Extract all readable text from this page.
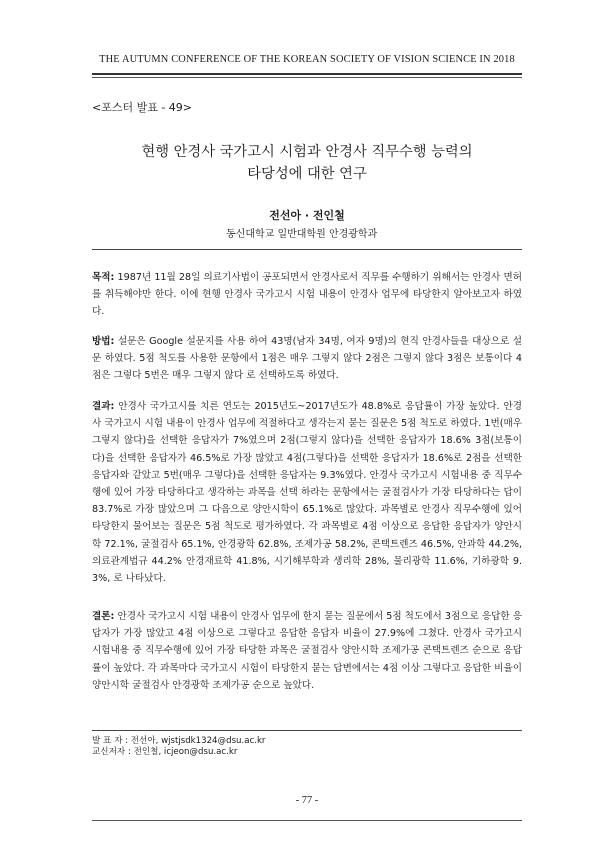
THE AUTUMN CONFERENCE OF THE KOREAN SOCIETY OF VISION SCIENCE IN 2018
<포스터 발표 - 49>
현행 안경사 국가고시 시험과 안경사 직무수행 능력의
타당성에 대한 연구
전선아 · 전인철
동신대학교 일반대학원 안경광학과
목적: 1987년 11월 28일 의료기사법이 공포되면서 안경사로서 직무를 수행하기 위해서는 안경사 면허를 취득해야만 한다. 이에 현행 안경사 국가고시 시험 내용이 안경사 업무에 타당한지 알아보고자 하였다.
방법: 설문은 Google 설문지를 사용 하여 43명(남자 34명, 여자 9명)의 현직 안경사들을 대상으로 설문 하였다. 5점 척도를 사용한 문항에서 1점은 매우 그렇지 않다 2점은 그렇지 않다 3점은 보통이다 4점은 그렇다 5번은 매우 그렇지 않다 로 선택하도록 하였다.
결과: 안경사 국가고시를 치른 연도는 2015년도~2017년도가 48.8%로 응답률이 가장 높았다. 안경사 국가고시 시험 내용이 안경사 업무에 적절하다고 생각는지 묻는 질문은 5점 척도로 하였다. 1번(매우 그렇지 않다)을 선택한 응답자가 7%였으며 2점(그렇지 않다)을 선택한 응답자가 18.6% 3점(보통이다)을 선택한 응답자가 46.5%로 가장 많았고 4점(그렇다)을 선택한 응답자가 18.6%로 2점을 선택한 응답자와 같았고 5번(매우 그렇다)을 선택한 응답자는 9.3%였다. 안경사 국가고시 시험내용 중 직무수행에 있어 가장 타당하다고 생각하는 과목을 선택 하라는 문항에서는 굴절검사가 가장 타당하다는 답이 83.7%로 가장 많았으며 그 다음으로 양안시학이 65.1%로 많았다. 과목별로 안경사 직무수행에 있어 타당한지 물어보는 질문은 5점 척도로 평가하였다. 각 과목별로 4점 이상으로 응답한 응답자가 양안시학 72.1%, 굴절검사 65.1%, 안경광학 62.8%, 조제가공 58.2%, 콘택트렌즈 46.5%, 안과학 44.2%, 의료관계법규 44.2% 안경재료학 41.8%, 시기해부학과 생리학 28%, 물리광학 11.6%, 기하광학 9.3%, 로 나타났다.
결론: 안경사 국가고시 시험 내용이 안경사 업무에 한지 묻는 질문에서 5점 척도에서 3점으로 응답한 응답자가 가장 많았고 4점 이상으로 그렇다고 응답한 응답자 비율이 27.9%에 그쳤다. 안경사 국가고시 시험내용 중 직무수행에 있어 가장 타당한 과목은 굴절검사 양안시학 조제가공 콘택트렌즈 순으로 응답률이 높았다. 각 과목마다 국가고시 시험이 타당한지 묻는 답변에서는 4점 이상 그렇다고 응답한 비율이 양안시학 굴절검사 안경광학 조제가공 순으로 높았다.
발 표 자 : 전선아, wjstjsdk1324@dsu.ac.kr
교신저자 : 전인철, icjeon@dsu.ac.kr
- 77 -
